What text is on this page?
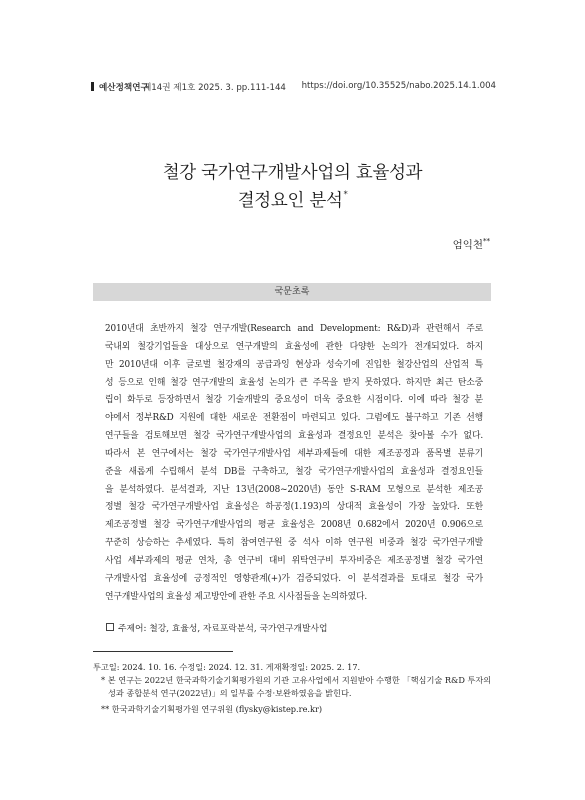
예산정책연구
제14권 제1호 2025. 3. pp.111-144 https://doi.org/10.35525/nabo.2025.14.1.004
철강 국가연구개발사업의 효율성과
결정요인 분석*
엄익천**
국문초록
2010년대 초반까지 철강 연구개발(Research and Development: R&D)과 관련해서 주로
국내외 철강기업들을 대상으로 연구개발의 효율성에 관한 다양한 논의가 전개되었다. 하지
만 2010년대 이후 글로벌 철강재의 공급과잉 현상과 성숙기에 진입한 철강산업의 산업적 특
성 등으로 인해 철강 연구개발의 효율성 논의가 큰 주목을 받지 못하였다. 하지만 최근 탄소중
립이 화두로 등장하면서 철강 기술개발의 중요성이 더욱 중요한 시점이다. 이에 따라 철강 분
야에서 정부R&D 지원에 대한 새로운 전환점이 마련되고 있다. 그럼에도 불구하고 기존 선행
연구들을 검토해보면 철강 국가연구개발사업의 효율성과 결정요인 분석은 찾아볼 수가 없다.
따라서 본 연구에서는 철강 국가연구개발사업 세부과제들에 대한 제조공정과 품목별 분류기
준을 새롭게 수립해서 분석 DB를 구축하고, 철강 국가연구개발사업의 효율성과 결정요인들
을 분석하였다. 분석결과, 지난 13년(2008~2020년) 동안 S-RAM 모형으로 분석한 제조공
정별 철강 국가연구개발사업 효율성은 하공정(1.193)의 상대적 효율성이 가장 높았다. 또한
제조공정별 철강 국가연구개발사업의 평균 효율성은 2008년 0.682에서 2020년 0.906으로
꾸준히 상승하는 추세였다. 특히 참여연구원 중 석사 이하 연구원 비중과 철강 국가연구개발
사업 세부과제의 평균 연차, 총 연구비 대비 위탁연구비 투자비중은 제조공정별 철강 국가연
구개발사업 효율성에 긍정적인 영향관계(+)가 검증되었다. 이 분석결과를 토대로 철강 국가
연구개발사업의 효율성 제고방안에 관한 주요 시사점들을 논의하였다.
주제어: 철강, 효율성, 자료포락분석, 국가연구개발사업
투고일: 2024. 10. 16. 수정일: 2024. 12. 31. 게재확정일: 2025. 2. 17.
* 본 연구는 2022년 한국과학기술기획평가원의 기관 고유사업에서 지원받아 수행한 「핵심기술 R&D 투자의
성과 종합분석 연구(2022년)」의 일부를 수정·보완하였음을 밝힌다.
** 한국과학기술기획평가원 연구위원 (flysky@kistep.re.kr)
